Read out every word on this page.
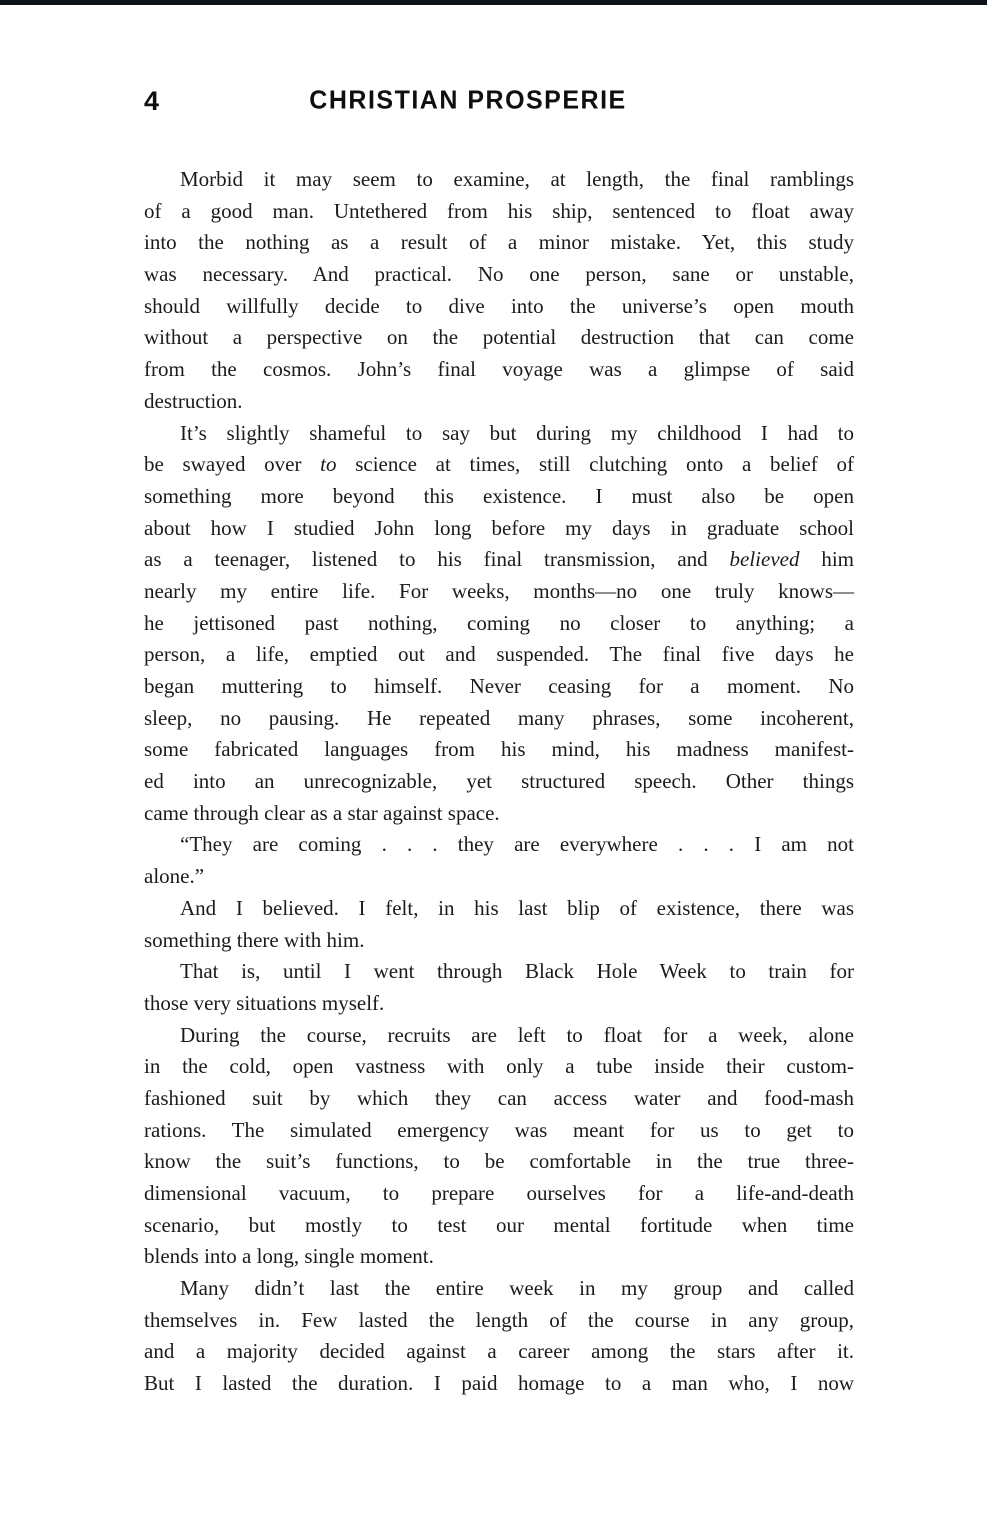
4	CHRISTIAN PROSPERIE
Morbid it may seem to examine, at length, the final ramblings
of a good man. Untethered from his ship, sentenced to float away
into the nothing as a result of a minor mistake. Yet, this study
was necessary. And practical. No one person, sane or unstable,
should willfully decide to dive into the universe’s open mouth
without a perspective on the potential destruction that can come
from the cosmos. John’s final voyage was a glimpse of said
destruction.
It’s slightly shameful to say but during my childhood I had to
be swayed over to science at times, still clutching onto a belief of
something more beyond this existence. I must also be open
about how I studied John long before my days in graduate school
as a teenager, listened to his final transmission, and believed him
nearly my entire life. For weeks, months—no one truly knows—
he jettisoned past nothing, coming no closer to anything; a
person, a life, emptied out and suspended. The final five days he
began muttering to himself. Never ceasing for a moment. No
sleep, no pausing. He repeated many phrases, some incoherent,
some fabricated languages from his mind, his madness manifest-
ed into an unrecognizable, yet structured speech. Other things
came through clear as a star against space.
“They are coming . . . they are everywhere . . . I am not
alone.”
And I believed. I felt, in his last blip of existence, there was
something there with him.
That is, until I went through Black Hole Week to train for
those very situations myself.
During the course, recruits are left to float for a week, alone
in the cold, open vastness with only a tube inside their custom-
fashioned suit by which they can access water and food-mash
rations. The simulated emergency was meant for us to get to
know the suit’s functions, to be comfortable in the true three-
dimensional vacuum, to prepare ourselves for a life-and-death
scenario, but mostly to test our mental fortitude when time
blends into a long, single moment.
Many didn’t last the entire week in my group and called
themselves in. Few lasted the length of the course in any group,
and a majority decided against a career among the stars after it.
But I lasted the duration. I paid homage to a man who, I now
